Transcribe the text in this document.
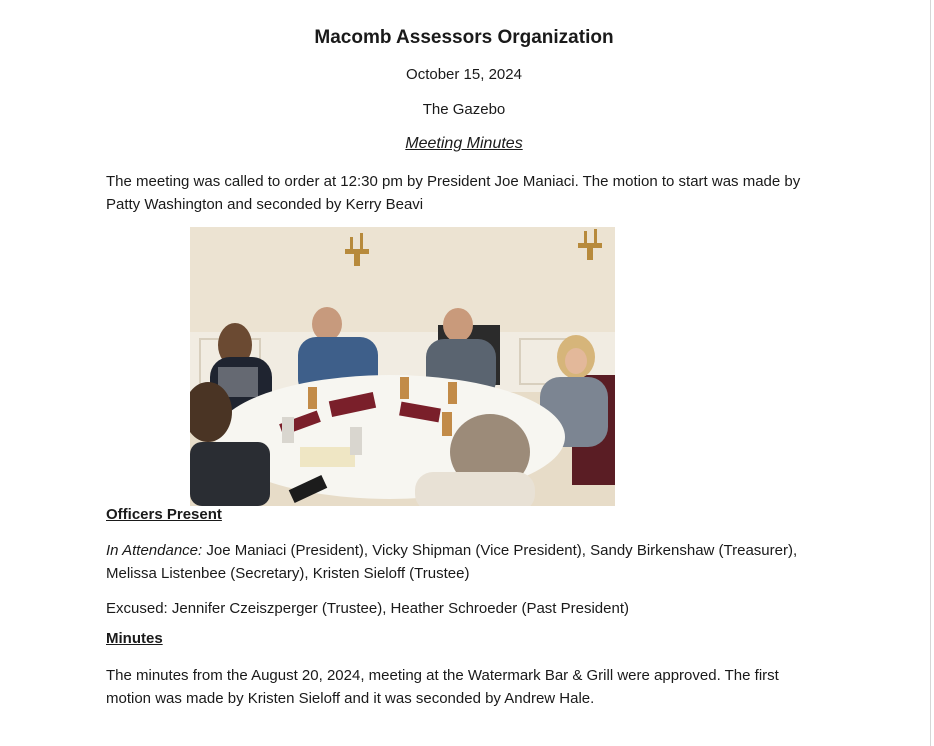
Macomb Assessors Organization
October 15, 2024
The Gazebo
Meeting Minutes

The meeting was called to order at 12:30 pm by President Joe Maniaci. The motion to start was made by Patty Washington and seconded by Kerry Beavi

Officers Present

In Attendance: Joe Maniaci (President), Vicky Shipman (Vice President), Sandy Birkenshaw (Treasurer), Melissa Listenbee (Secretary), Kristen Sieloff (Trustee)

Excused: Jennifer Czeiszperger (Trustee), Heather Schroeder (Past President)

Minutes

The minutes from the August 20, 2024, meeting at the Watermark Bar & Grill were approved. The first motion was made by Kristen Sieloff and it was seconded by Andrew Hale.
